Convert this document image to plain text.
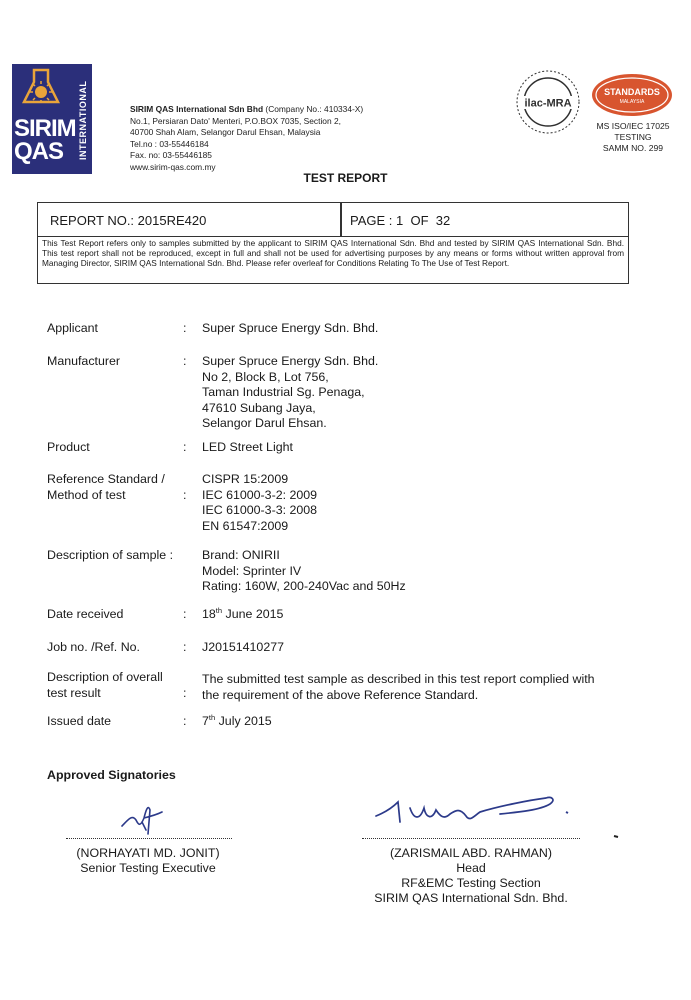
SIRIM
QAS	INTERNATIONAL	SIRIM QAS International Sdn Bhd (Company No.: 410334-X)
No.1, Persiaran Dato' Menteri, P.O.BOX 7035, Section 2,
40700 Shah Alam, Selangor Darul Ehsan, Malaysia
Tel.no : 03-55446184
Fax. no: 03-55446185
www.sirim-qas.com.my
ilac-MRA
STANDARDS
MALAYSIA
MS ISO/IEC 17025
TESTING
SAMM NO. 299
TEST REPORT
REPORT NO.: 2015RE420	PAGE : 1 OF 32
This Test Report refers only to samples submitted by the applicant to SIRIM QAS International Sdn. Bhd and tested by SIRIM QAS International Sdn. Bhd. This test report shall not be reproduced, except in full and shall not be used for advertising purposes by any means or forms without written approval from Managing Director, SIRIM QAS International Sdn. Bhd. Please refer overleaf for Conditions Relating To The Use of Test Report.
Applicant	: Super Spruce Energy Sdn. Bhd.
Manufacturer	: Super Spruce Energy Sdn. Bhd.
No 2, Block B, Lot 756,
Taman Industrial Sg. Penaga,
47610 Subang Jaya,
Selangor Darul Ehsan.
Product	: LED Street Light
Reference Standard /
Method of test	:
CISPR 15:2009
IEC 61000-3-2: 2009
IEC 61000-3-3: 2008
EN 61547:2009
Description of sample : Brand: ONIRII
Model: Sprinter IV
Rating: 160W, 200-240Vac and 50Hz
Date received	: 18th June 2015
Job no. /Ref. No.	: J20151410277
Description of overall
test result	:
The submitted test sample as described in this test report complied with
the requirement of the above Reference Standard.
Issued date	: 7th July 2015
Approved Signatories
(NORHAYATI MD. JONIT)
Senior Testing Executive
(ZARISMAIL ABD. RAHMAN)
Head
RF&EMC Testing Section
SIRIM QAS International Sdn. Bhd.
